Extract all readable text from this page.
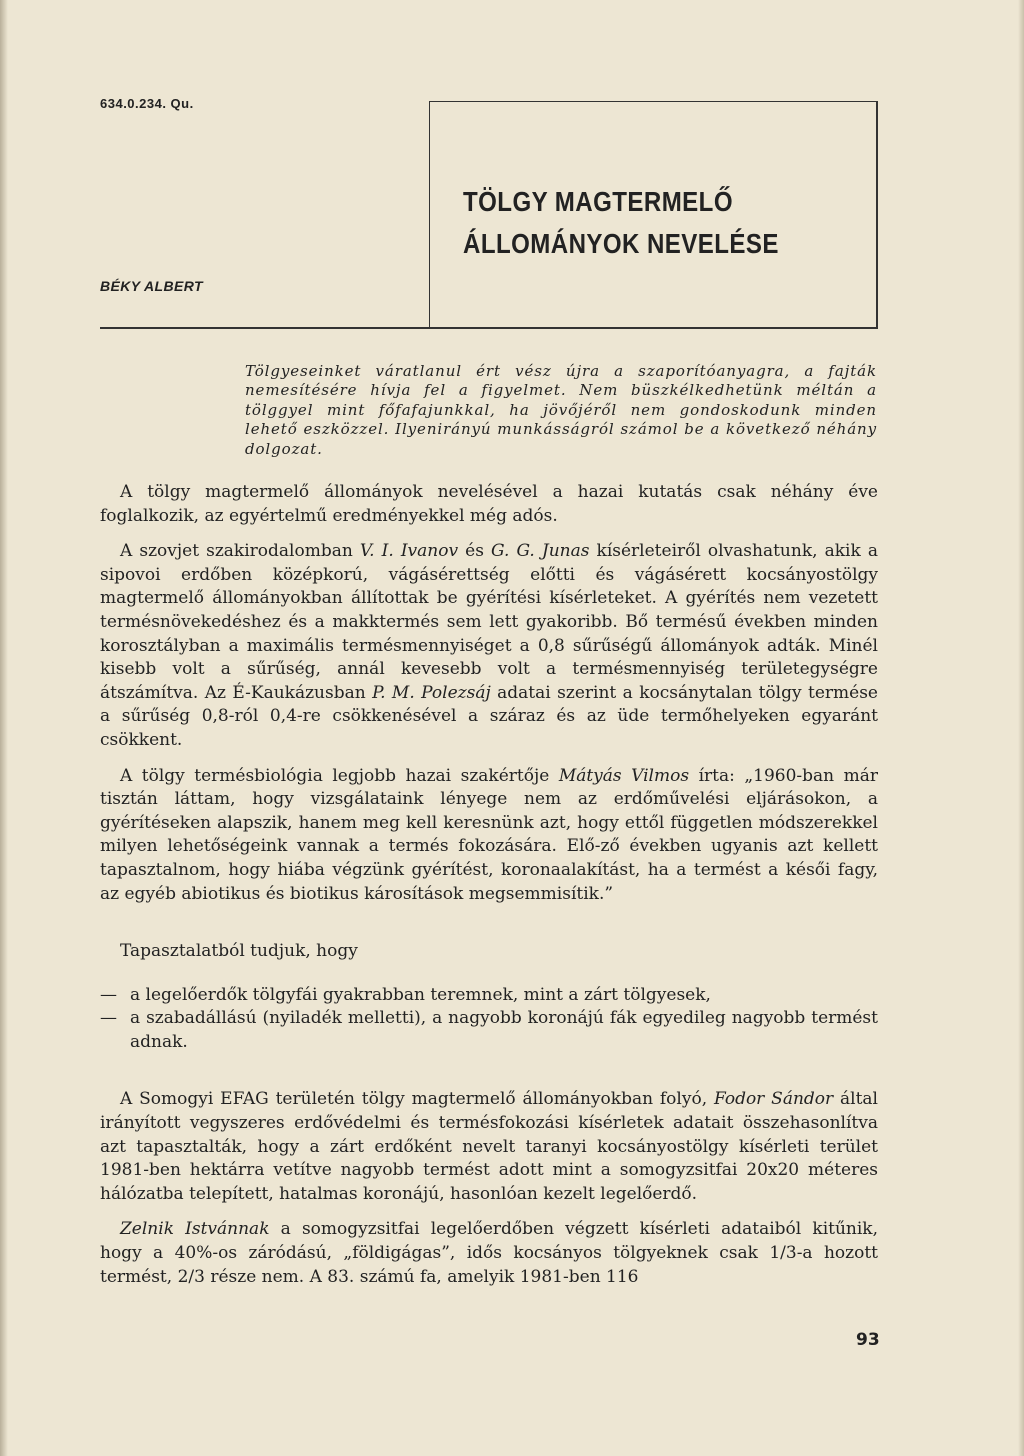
634.0.234. Qu.
TÖLGY MAGTERMELŐ
ÁLLOMÁNYOK NEVELÉSE
BÉKY ALBERT

Tölgyeseinket váratlanul ért vész újra a szaporítóanyagra, a fajták nemesítésére hívja fel a figyelmet. Nem büszkélkedhetünk méltán a tölggyel mint főfafajunkkal, ha jövőjéről nem gondoskodunk minden lehető eszközzel. Ilyenirányú munkásságról számol be a következő néhány dolgozat.

A tölgy magtermelő állományok nevelésével a hazai kutatás csak néhány éve foglalkozik, az egyértelmű eredményekkel még adós.

A szovjet szakirodalomban V. I. Ivanov és G. G. Junas kísérleteiről olvashatunk, akik a sipovoi erdőben középkorú, vágásérettség előtti és vágásérett kocsányostölgy magtermelő állományokban állítottak be gyérítési kísérleteket. A gyérítés nem vezetett termésnövekedéshez és a makktermés sem lett gyakoribb. Bő termésű években minden korosztályban a maximális termésmennyiséget a 0,8 sűrűségű állományok adták. Minél kisebb volt a sűrűség, annál kevesebb volt a termésmennyiség területegységre átszámítva. Az É-Kaukázusban P. M. Polezsáj adatai szerint a kocsánytalan tölgy termése a sűrűség 0,8-ról 0,4-re csökkenésével a száraz és az üde termőhelyeken egyaránt csökkent.

A tölgy termésbiológia legjobb hazai szakértője Mátyás Vilmos írta: „1960-ban már tisztán láttam, hogy vizsgálataink lényege nem az erdőművelési eljárásokon, a gyérítéseken alapszik, hanem meg kell keresnünk azt, hogy ettől független módszerekkel milyen lehetőségeink vannak a termés fokozására. Elő-ző években ugyanis azt kellett tapasztalnom, hogy hiába végzünk gyérítést, koronaalakítást, ha a termést a késői fagy, az egyéb abiotikus és biotikus károsítások megsemmisítik.”

Tapasztalatból tudjuk, hogy

— a legelőerdők tölgyfái gyakrabban teremnek, mint a zárt tölgyesek,
— a szabadállású (nyiladék melletti), a nagyobb koronájú fák egyedileg nagyobb termést adnak.

A Somogyi EFAG területén tölgy magtermelő állományokban folyó, Fodor Sándor által irányított vegyszeres erdővédelmi és termésfokozási kísérletek adatait összehasonlítva azt tapasztalták, hogy a zárt erdőként nevelt taranyi kocsányostölgy kísérleti terület 1981-ben hektárra vetítve nagyobb termést adott mint a somogyzsitfai 20x20 méteres hálózatba telepített, hatalmas koronájú, hasonlóan kezelt legelőerdő.

Zelnik Istvánnak a somogyzsitfai legelőerdőben végzett kísérleti adataiból kitűnik, hogy a 40%-os záródású, „földigágas”, idős kocsányos tölgyeknek csak 1/3-a hozott termést, 2/3 része nem. A 83. számú fa, amelyik 1981-ben 116

93
